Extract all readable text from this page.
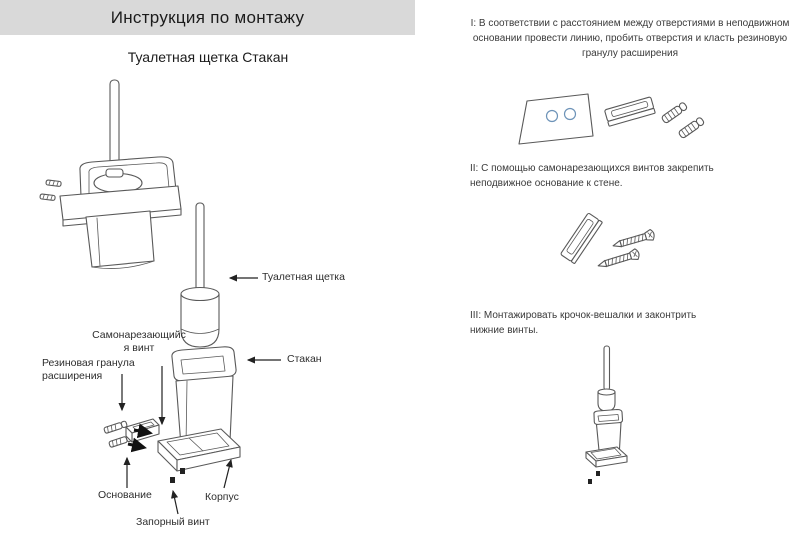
Инструкция по монтажу
Туалетная щетка Стакан
Туалетная щетка
Самонарезающийс
я винт
Резиновая гранула
расширения
Стакан
Основание
Запорный винт
Корпус
I: В соответствии с расстоянием между отверстиями в неподвижном основании провести линию, пробить отверстия и класть резиновую гранулу расширения
II: С помощью самонарезающихся винтов закрепить неподвижное основание к стене.
III: Монтажировать крочок-вешалки и законтрить нижние винты.
